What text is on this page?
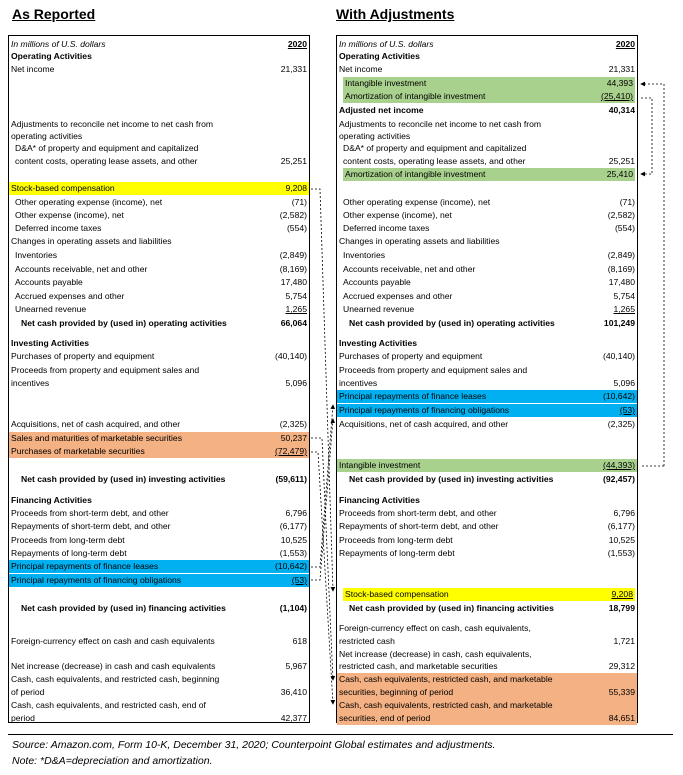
As Reported	With Adjustments
In millions of U.S. dollars	2020
Operating Activities
Net income	21,331
Adjustments to reconcile net income to net cash from
operating activities
D&A* of property and equipment and capitalized
content costs, operating lease assets, and other	25,251
Stock-based compensation	9,208
Other operating expense (income), net	(71)
Other expense (income), net	(2,582)
Deferred income taxes	(554)
Changes in operating assets and liabilities
Inventories	(2,849)
Accounts receivable, net and other	(8,169)
Accounts payable	17,480
Accrued expenses and other	5,754
Unearned revenue	1,265
Net cash provided by (used in) operating activities	66,064
Investing Activities
Purchases of property and equipment	(40,140)
Proceeds from property and equipment sales and
incentives	5,096
Acquisitions, net of cash acquired, and other	(2,325)
Sales and maturities of marketable securities	50,237
Purchases of marketable securities	(72,479)
Net cash provided by (used in) investing activities	(59,611)
Financing Activities
Proceeds from short-term debt, and other	6,796
Repayments of short-term debt, and other	(6,177)
Proceeds from long-term debt	10,525
Repayments of long-term debt	(1,553)
Principal repayments of finance leases	(10,642)
Principal repayments of financing obligations	(53)
Net cash provided by (used in) financing activities	(1,104)
Foreign-currency effect on cash and cash equivalents	618
Net increase (decrease) in cash and cash equivalents	5,967
Cash, cash equivalents, and restricted cash, beginning
of period	36,410
Cash, cash equivalents, and restricted cash, end of
period	42,377
In millions of U.S. dollars	2020
Operating Activities
Net income	21,331
Intangible investment	44,393
Amortization of intangible investment	(25,410)
Adjusted net income	40,314
Adjustments to reconcile net income to net cash from
operating activities
D&A* of property and equipment and capitalized
content costs, operating lease assets, and other	25,251
Amortization of intangible investment	25,410
Other operating expense (income), net	(71)
Other expense (income), net	(2,582)
Deferred income taxes	(554)
Changes in operating assets and liabilities
Inventories	(2,849)
Accounts receivable, net and other	(8,169)
Accounts payable	17,480
Accrued expenses and other	5,754
Unearned revenue	1,265
Net cash provided by (used in) operating activities	101,249
Investing Activities
Purchases of property and equipment	(40,140)
Proceeds from property and equipment sales and
incentives	5,096
Principal repayments of finance leases	(10,642)
Principal repayments of financing obligations	(53)
Acquisitions, net of cash acquired, and other	(2,325)
Intangible investment	(44,393)
Net cash provided by (used in) investing activities	(92,457)
Financing Activities
Proceeds from short-term debt, and other	6,796
Repayments of short-term debt, and other	(6,177)
Proceeds from long-term debt	10,525
Repayments of long-term debt	(1,553)
Stock-based compensation	9,208
Net cash provided by (used in) financing activities	18,799
Foreign-currency effect on cash, cash equivalents,
restricted cash	1,721
Net increase (decrease) in cash, cash equivalents,
restricted cash, and marketable securities	29,312
Cash, cash equivalents, restricted cash, and marketable
securities, beginning of period	55,339
Cash, cash equivalents, restricted cash, and marketable
securities, end of period	84,651
Source: Amazon.com, Form 10-K, December 31, 2020; Counterpoint Global estimates and adjustments.
Note: *D&A=depreciation and amortization.
